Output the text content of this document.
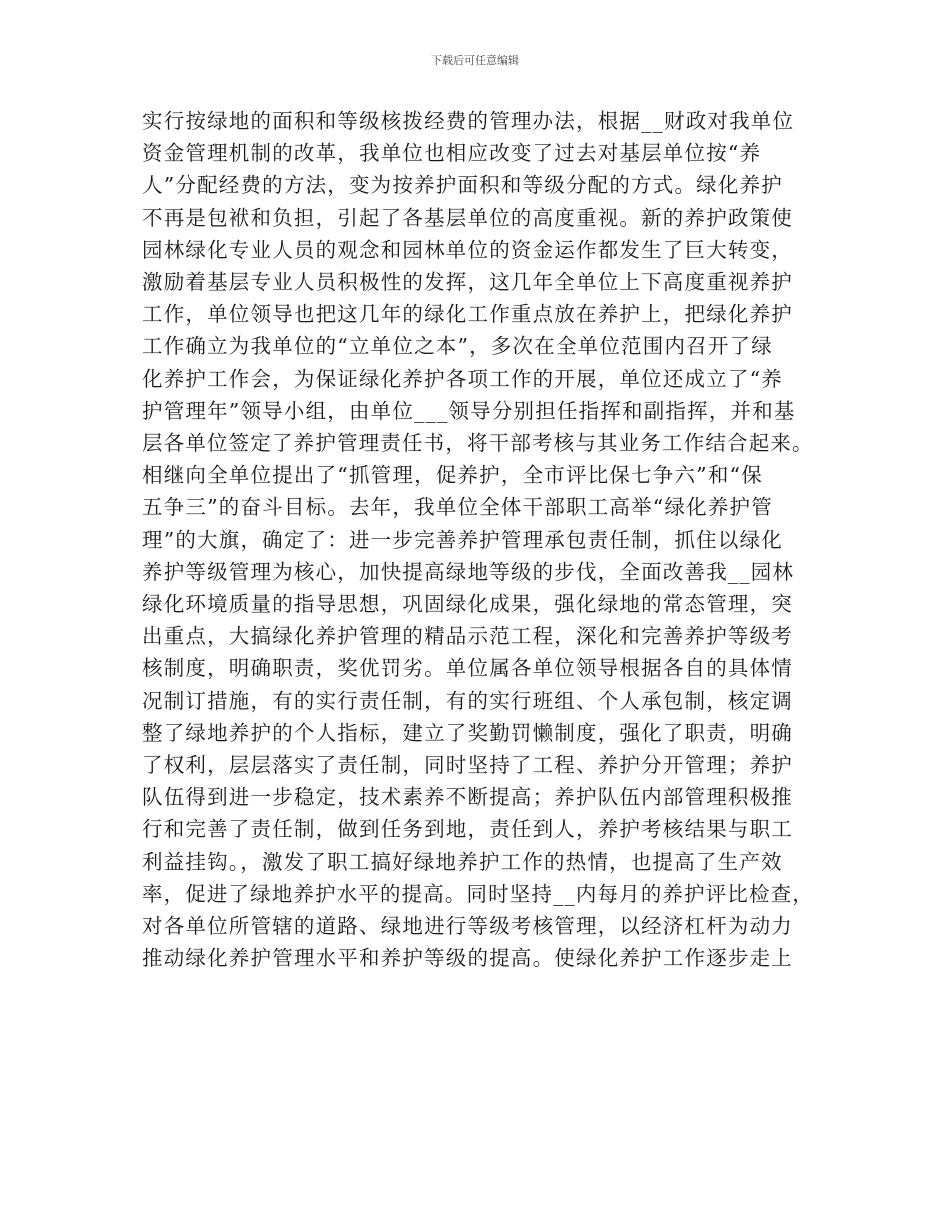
下载后可任意编辑
实行按绿地的面积和等级核拨经费的管理办法，根据__财政对我单位
资金管理机制的改革，我单位也相应改变了过去对基层单位按“养
人”分配经费的方法，变为按养护面积和等级分配的方式。绿化养护
不再是包袱和负担，引起了各基层单位的高度重视。新的养护政策使
园林绿化专业人员的观念和园林单位的资金运作都发生了巨大转变，
激励着基层专业人员积极性的发挥，这几年全单位上下高度重视养护
工作，单位领导也把这几年的绿化工作重点放在养护上，把绿化养护
工作确立为我单位的“立单位之本”，多次在全单位范围内召开了绿
化养护工作会，为保证绿化养护各项工作的开展，单位还成立了“养
护管理年”领导小组，由单位___领导分别担任指挥和副指挥，并和基
层各单位签定了养护管理责任书，将干部考核与其业务工作结合起来。
相继向全单位提出了“抓管理，促养护，全市评比保七争六”和“保
五争三”的奋斗目标。去年，我单位全体干部职工高举“绿化养护管
理”的大旗，确定了：进一步完善养护管理承包责任制，抓住以绿化
养护等级管理为核心，加快提高绿地等级的步伐，全面改善我__园林
绿化环境质量的指导思想，巩固绿化成果，强化绿地的常态管理，突
出重点，大搞绿化养护管理的精品示范工程，深化和完善养护等级考
核制度，明确职责，奖优罚劣。单位属各单位领导根据各自的具体情
况制订措施，有的实行责任制，有的实行班组、个人承包制，核定调
整了绿地养护的个人指标，建立了奖勤罚懒制度，强化了职责，明确
了权利，层层落实了责任制，同时坚持了工程、养护分开管理；养护
队伍得到进一步稳定，技术素养不断提高；养护队伍内部管理积极推
行和完善了责任制，做到任务到地，责任到人，养护考核结果与职工
利益挂钩。，激发了职工搞好绿地养护工作的热情，也提高了生产效
率，促进了绿地养护水平的提高。同时坚持__内每月的养护评比检查，
对各单位所管辖的道路、绿地进行等级考核管理，以经济杠杆为动力
推动绿化养护管理水平和养护等级的提高。使绿化养护工作逐步走上
